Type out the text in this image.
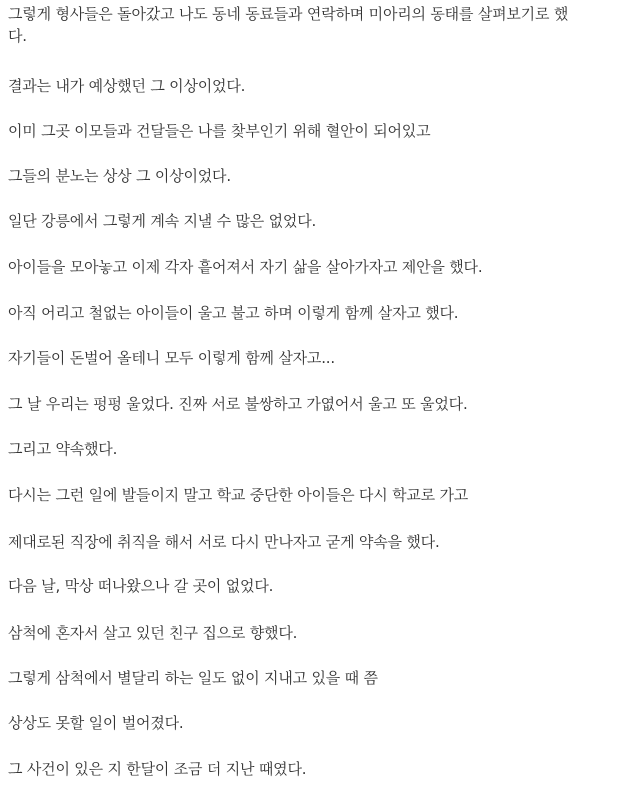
그렇게 형사들은 돌아갔고 나도 동네 동료들과 연락하며 미아리의 동태를 살펴보기로 했
다.
결과는 내가 예상했던 그 이상이었다.
이미 그곳 이모들과 건달들은 나를 찾부인기 위해 혈안이 되어있고
그들의 분노는 상상 그 이상이었다.
일단 강릉에서 그렇게 계속 지낼 수 많은 없었다.
아이들을 모아놓고 이제 각자 흩어져서 자기 삶을 살아가자고 제안을 했다.
아직 어리고 철없는 아이들이 울고 불고 하며 이렇게 함께 살자고 했다.
자기들이 돈벌어 올테니 모두 이렇게 함께 살자고...
그 날 우리는 펑펑 울었다. 진짜 서로 불쌍하고 가엾어서 울고 또 울었다.
그리고 약속했다.
다시는 그런 일에 발들이지 말고 학교 중단한 아이들은 다시 학교로 가고
제대로된 직장에 취직을 해서 서로 다시 만나자고 굳게 약속을 했다.
다음 날, 막상 떠나왔으나 갈 곳이 없었다.
삼척에 혼자서 살고 있던 친구 집으로 향했다.
그렇게 삼척에서 별달리 하는 일도 없이 지내고 있을 때 쯤
상상도 못할 일이 벌어졌다.
그 사건이 있은 지 한달이 조금 더 지난 때였다.
